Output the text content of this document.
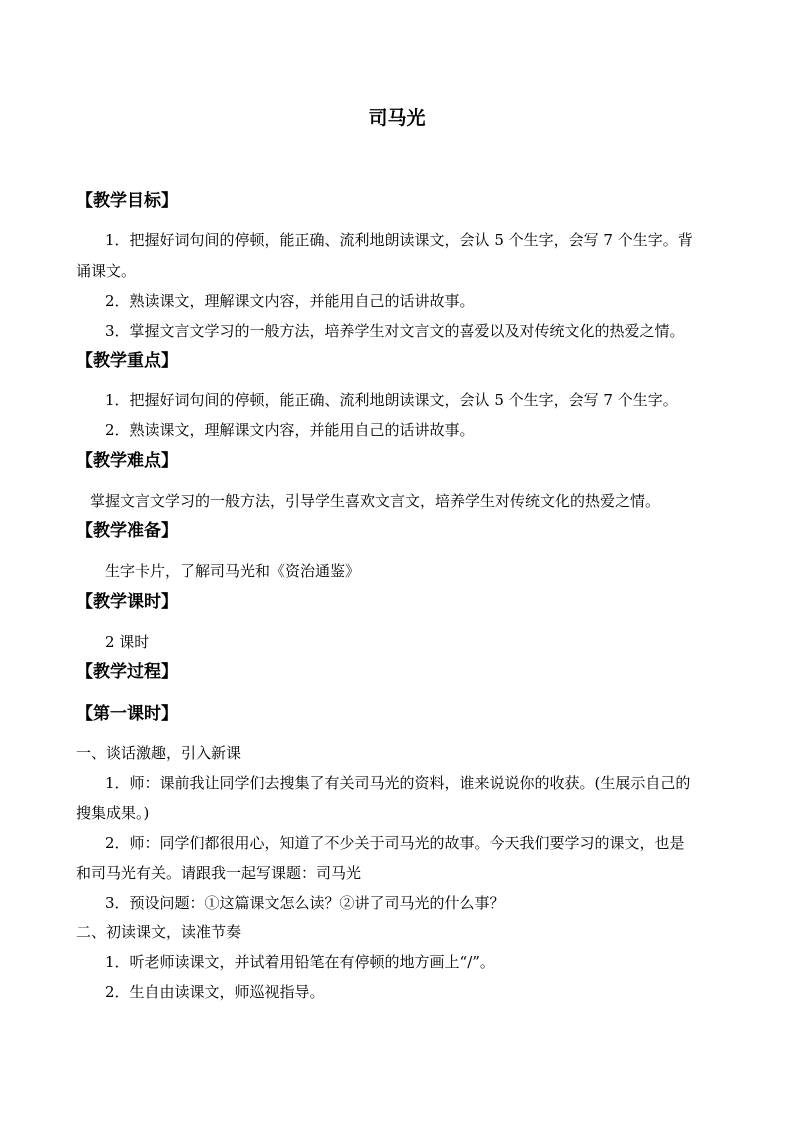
司马光
【教学目标】
1．把握好词句间的停顿，能正确、流利地朗读课文，会认 5 个生字，会写 7 个生字。背
诵课文。
2．熟读课文，理解课文内容，并能用自己的话讲故事。
3．掌握文言文学习的一般方法，培养学生对文言文的喜爱以及对传统文化的热爱之情。
【教学重点】
1．把握好词句间的停顿，能正确、流利地朗读课文，会认 5 个生字，会写 7 个生字。
2．熟读课文，理解课文内容，并能用自己的话讲故事。
【教学难点】
掌握文言文学习的一般方法，引导学生喜欢文言文，培养学生对传统文化的热爱之情。
【教学准备】
生字卡片，了解司马光和《资治通鉴》
【教学课时】
2 课时
【教学过程】
【第一课时】
一、谈话激趣，引入新课
1．师：课前我让同学们去搜集了有关司马光的资料，谁来说说你的收获。(生展示自己的
搜集成果。)
2．师：同学们都很用心，知道了不少关于司马光的故事。今天我们要学习的课文，也是
和司马光有关。请跟我一起写课题：司马光
3．预设问题：①这篇课文怎么读？②讲了司马光的什么事？
二、初读课文，读准节奏
1．听老师读课文，并试着用铅笔在有停顿的地方画上“/”。
2．生自由读课文，师巡视指导。
